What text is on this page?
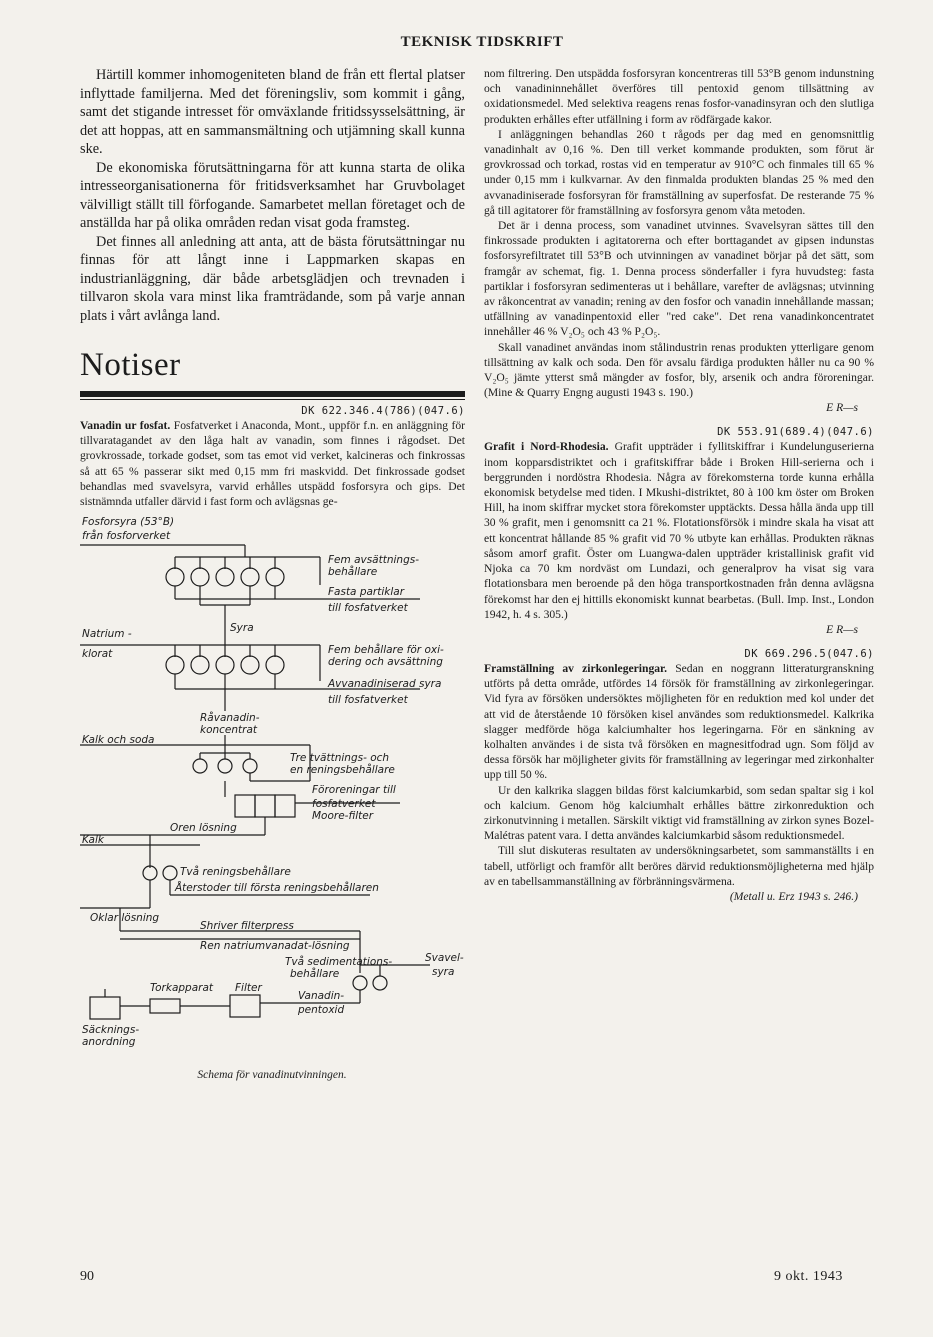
TEKNISK TIDSKRIFT

Härtill kommer inhomogeniteten bland de från ett flertal platser inflyttade familjerna. Med det föreningsliv, som kommit i gång, samt det stigande intresset för omväxlande fritidssysselsättning, är det att hoppas, att en sammansmältning och utjämning skall kunna ske.

De ekonomiska förutsättningarna för att kunna starta de olika intresseorganisationerna för fritidsverksamhet har Gruvbolaget välvilligt ställt till förfogande. Samarbetet mellan företaget och de anställda har på olika områden redan visat goda framsteg.

Det finnes all anledning att anta, att de bästa förutsättningar nu finnas för att långt inne i Lappmarken skapas en industrianläggning, där både arbetsglädjen och trevnaden i tillvaron skola vara minst lika framträdande, som på varje annan plats i vårt avlånga land.

Notiser
DK 622.346.4(786)(047.6)

Vanadin ur fosfat. Fosfatverket i Anaconda, Mont., uppför f.n. en anläggning för tillvaratagandet av den låga halt av vanadin, som finnes i rågodset. Det grovkrossade, torkade godset, som tas emot vid verket, kalcineras och finkrossas så att 65 % passerar sikt med 0,15 mm fri maskvidd. Det finkrossade godset behandlas med svavelsyra, varvid erhålles utspädd fosforsyra och gips. Det sistnämnda utfaller därvid i fast form och avlägsnas ge-

Fosforsyra (53°B)
från fosforverket
Fem avsättnings-
behållare
Fasta partiklar
till fosfatverket
Syra
Natrium -
klorat	Fem behållare för oxi-
dering och avsättning
Avvanadiniserad syra
till fosfatverket
Råvanadin-
koncentrat
Kalk och soda
Tre tvättnings- och
en reningsbehållare
Föroreningar till
fosfatverket
Moore-filter
Oren lösning
Kalk
Två reningsbehållare
Återstoder till första reningsbehållaren
Oklar lösning
Shriver filterpress
Ren natriumvanadat-lösning
Två sedimentations-
behållare
Svavel-
syra
Torkapparat Filter
Vanadin-
pentoxid
Säcknings-
anordning
Schema för vanadinutvinningen.

nom filtrering. Den utspädda fosforsyran koncentreras till 53°B genom indunstning och vanadininnehållet överföres till pentoxid genom tillsättning av oxidationsmedel. Med selektiva reagens renas fosfor-vanadinsyran och den slutliga produkten erhålles efter utfällning i form av rödfärgade kakor.

I anläggningen behandlas 260 t rågods per dag med en genomsnittlig vanadinhalt av 0,16 %. Den till verket kommande produkten, som förut är grovkrossad och torkad, rostas vid en temperatur av 910°C och finmales till 65 % under 0,15 mm i kulkvarnar. Av den finmalda produkten blandas 25 % med den avvanadiniserade fosforsyran för framställning av superfosfat. De resterande 75 % gå till agitatorer för framställning av fosforsyra genom våta metoden.

Det är i denna process, som vanadinet utvinnes. Svavelsyran sättes till den finkrossade produkten i agitatorerna och efter borttagandet av gipsen indunstas fosforsyrefiltratet till 53°B och utvinningen av vanadinet börjar på det sätt, som framgår av schemat, fig. 1. Denna process sönderfaller i fyra huvudsteg: fasta partiklar i fosforsyran sedimenteras ut i behållare, varefter de avlägsnas; utvinning av råkoncentrat av vanadin; rening av den fosfor och vanadin innehållande massan; utfällning av vanadinpentoxid eller "red cake". Det rena vanadinkoncentratet innehåller 46 % V₂O₅ och 43 % P₂O₅.

Skall vanadinet användas inom stålindustrin renas produkten ytterligare genom tillsättning av kalk och soda. Den för avsalu färdiga produkten håller nu ca 90 % V₂O₅ jämte ytterst små mängder av fosfor, bly, arsenik och andra föroreningar. (Mine & Quarry Engng augusti 1943 s. 190.)

E R—s
DK 553.91(689.4)(047.6)

Grafit i Nord-Rhodesia. Grafit uppträder i fyllitskiffrar i Kundelunguserierna inom kopparsdistriktet och i grafitskiffrar både i Broken Hill-serierna och i berggrunden i nordöstra Rhodesia. Några av förekomsterna torde kunna erhålla ekonomisk betydelse med tiden. I Mkushi-distriktet, 80 à 100 km öster om Broken Hill, ha inom skiffrar mycket stora förekomster upptäckts. Dessa hålla ända upp till 30 % grafit, men i genomsnitt ca 21 %. Flotationsförsök i mindre skala ha visat att ett koncentrat hållande 85 % grafit vid 70 % utbyte kan erhållas. Produkten räknas såsom amorf grafit. Öster om Luangwa-dalen uppträder kristallinisk grafit vid Njoka ca 70 km nordväst om Lundazi, och generalprov ha visat sig vara flotationsbara men beroende på den höga transportkostnaden från denna avlägsna förekomst har den ej hittills ekonomiskt kunnat bearbetas. (Bull. Imp. Inst., London 1942, h. 4 s. 305.)

E R—s
DK 669.296.5(047.6)

Framställning av zirkonlegeringar. Sedan en noggrann litteraturgranskning utförts på detta område, utfördes 14 försök för framställning av zirkonlegeringar. Vid fyra av försöken undersöktes möjligheten för en reduktion med kol under det att vid de återstående 10 försöken kisel användes som reduktionsmedel. Kalkrika slagger medförde höga kalciumhalter hos legeringarna. För en sänkning av kolhalten användes i de sista två försöken en magnesitfodrad ugn. Som följd av dessa försök har möjligheter givits för framställning av legeringar med zirkonhalter upp till 50 %.

Ur den kalkrika slaggen bildas först kalciumkarbid, som sedan spaltar sig i kol och kalcium. Genom hög kalciumhalt erhålles bättre zirkonreduktion och zirkonutvinning i metallen. Särskilt viktigt vid framställning av zirkon synes Bozel-Malétras patent vara. I detta användes kalciumkarbid såsom reduktionsmedel.

Till slut diskuteras resultaten av undersökningsarbetet, som sammanställts i en tabell, utförligt och framför allt beröres därvid reduktionsmöjligheterna med hjälp av en tabellsammanställning av förbränningsvärmena.

(Metall u. Erz 1943 s. 246.)
90	9 okt. 1943
